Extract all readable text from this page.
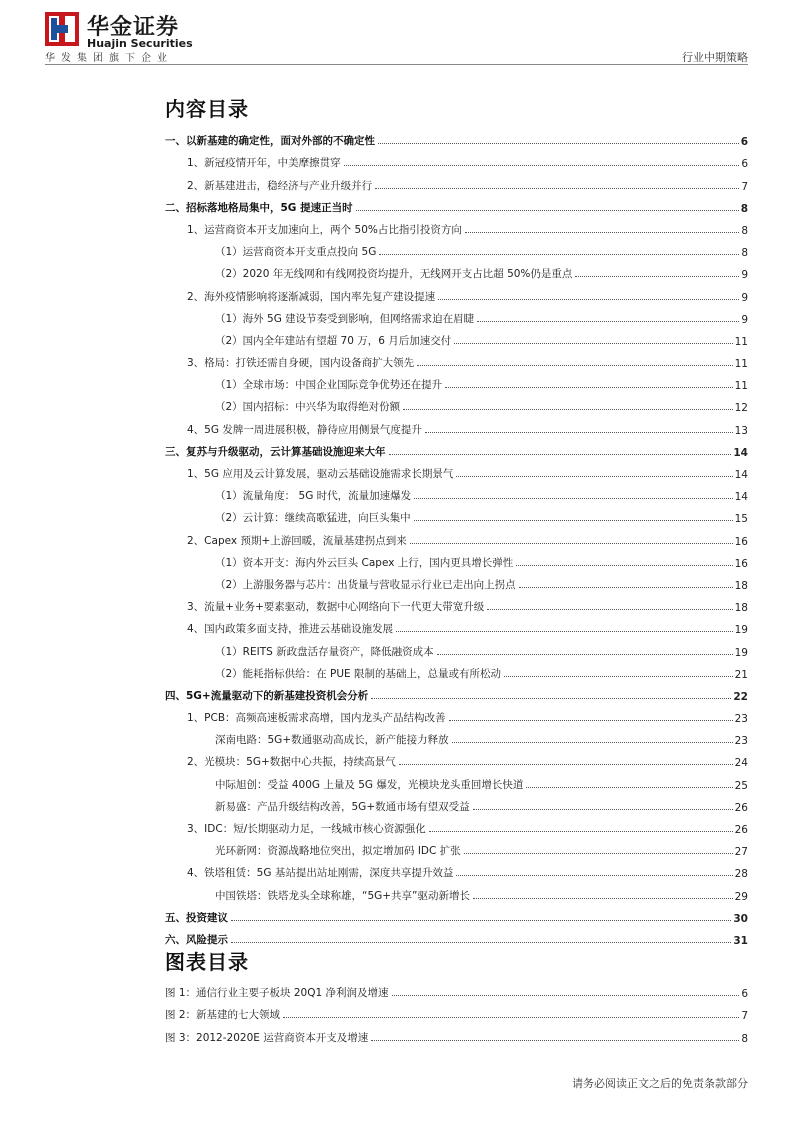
华金证券
Huajin Securities
华发集团旗下企业	行业中期策略
内容目录
一、以新基建的确定性，面对外部的不确定性	6
1、新冠疫情开年，中美摩擦贯穿	6
2、新基建进击，稳经济与产业升级并行	7
二、招标落地格局集中，5G 提速正当时	8
1、运营商资本开支加速向上，两个 50%占比指引投资方向	8
（1）运营商资本开支重点投向 5G	8
（2）2020 年无线网和有线网投资均提升，无线网开支占比超 50%仍是重点	9
2、海外疫情影响将逐渐减弱，国内率先复产建设提速	9
（1）海外 5G 建设节奏受到影响，但网络需求迫在眉睫	9
（2）国内全年建站有望超 70 万，6 月后加速交付	11
3、格局：打铁还需自身硬，国内设备商扩大领先	11
（1）全球市场：中国企业国际竞争优势还在提升	11
（2）国内招标：中兴华为取得绝对份额	12
4、5G 发牌一周进展积极，静待应用侧景气度提升	13
三、复苏与升级驱动，云计算基础设施迎来大年	14
1、5G 应用及云计算发展，驱动云基础设施需求长期景气	14
（1）流量角度： 5G 时代，流量加速爆发	14
（2）云计算：继续高歌猛进，向巨头集中	15
2、Capex 预期+上游回暖，流量基建拐点到来	16
（1）资本开支：海内外云巨头 Capex 上行，国内更具增长弹性	16
（2）上游服务器与芯片：出货量与营收显示行业已走出向上拐点	18
3、流量+业务+要素驱动，数据中心网络向下一代更大带宽升级	18
4、国内政策多面支持，推进云基础设施发展	19
（1）REITS 新政盘活存量资产，降低融资成本	19
（2）能耗指标供给：在 PUE 限制的基础上，总量或有所松动	21
四、5G+流量驱动下的新基建投资机会分析	22
1、PCB：高频高速板需求高增，国内龙头产品结构改善	23
深南电路：5G+数通驱动高成长，新产能接力释放	23
2、光模块：5G+数据中心共振，持续高景气	24
中际旭创：受益 400G 上量及 5G 爆发，光模块龙头重回增长快道	25
新易盛：产品升级结构改善，5G+数通市场有望双受益	26
3、IDC：短/长期驱动力足，一线城市核心资源强化	26
光环新网：资源战略地位突出，拟定增加码 IDC 扩张	27
4、铁塔租赁：5G 基站提出站址刚需，深度共享提升效益	28
中国铁塔：铁塔龙头全球称雄，“5G+共享”驱动新增长	29
五、投资建议	30
六、风险提示	31
图表目录
图 1：通信行业主要子板块 20Q1 净利润及增速	6
图 2：新基建的七大领域	7
图 3：2012-2020E 运营商资本开支及增速	8
请务必阅读正文之后的免责条款部分
